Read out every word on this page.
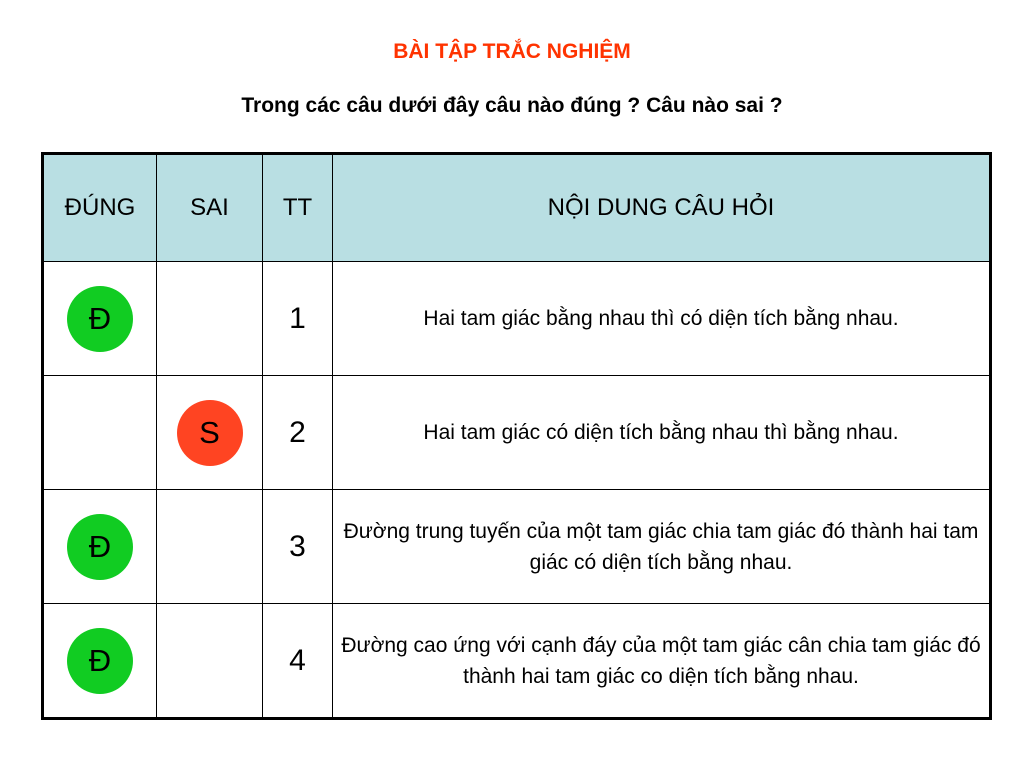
BÀI TẬP TRẮC NGHIỆM
Trong các câu dưới đây câu nào đúng ? Câu nào sai ?
ĐÚNG	SAI	TT	NỘI DUNG CÂU HỎI
Đ		1	Hai tam giác bằng nhau thì có diện tích bằng nhau.
	S	2	Hai tam giác có diện tích bằng nhau thì bằng nhau.
Đ		3	Đường trung tuyến của một tam giác chia tam giác đó thành hai tam giác có diện tích bằng nhau.
Đ		4	Đường cao ứng với cạnh đáy của một tam giác cân chia tam giác đó thành hai tam giác co diện tích bằng nhau.
